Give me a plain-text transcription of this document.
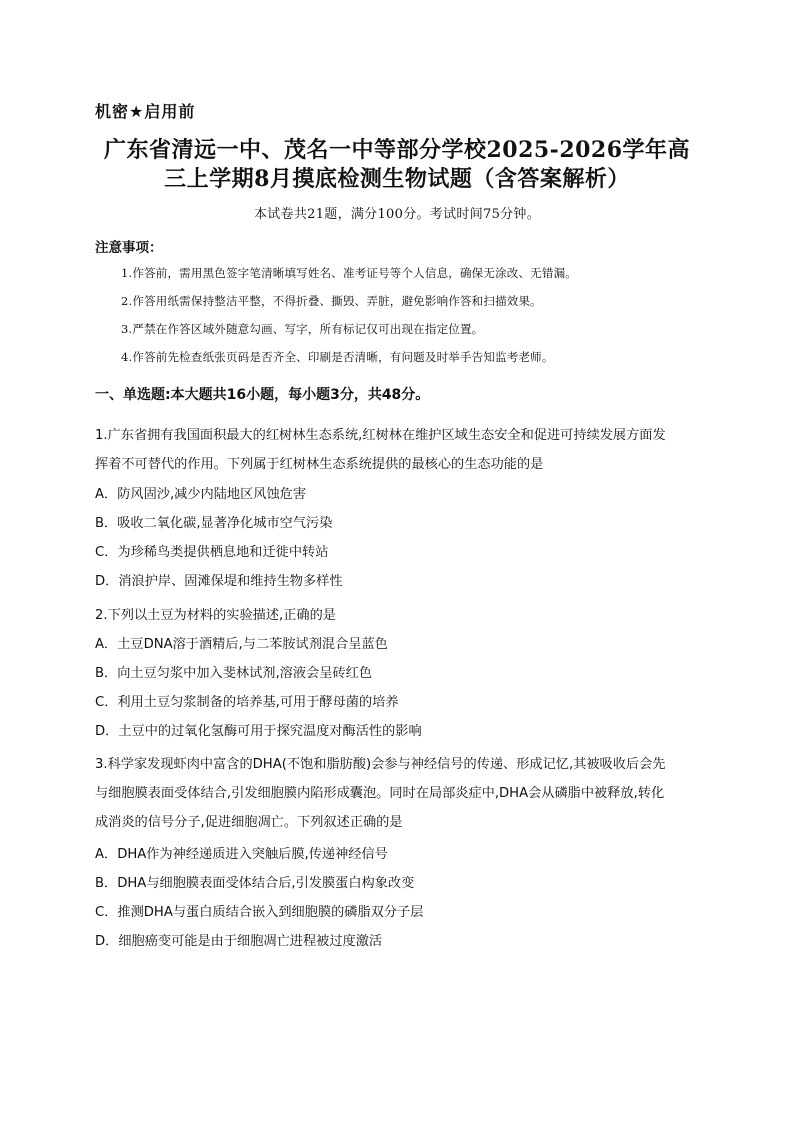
机密★启用前
广东省清远一中、茂名一中等部分学校2025-2026学年高
三上学期8月摸底检测生物试题（含答案解析）
本试卷共21题，满分100分。考试时间75分钟。
注意事项：
1.作答前，需用黑色签字笔清晰填写姓名、准考证号等个人信息，确保无涂改、无错漏。
2.作答用纸需保持整洁平整，不得折叠、撕毁、弄脏，避免影响作答和扫描效果。
3.严禁在作答区域外随意勾画、写字，所有标记仅可出现在指定位置。
4.作答前先检查纸张页码是否齐全、印刷是否清晰，有问题及时举手告知监考老师。
一、单选题:本大题共16小题，每小题3分，共48分。
1.广东省拥有我国面积最大的红树林生态系统,红树林在维护区域生态安全和促进可持续发展方面发
挥着不可替代的作用。下列属于红树林生态系统提供的最核心的生态功能的是
A．防风固沙,减少内陆地区风蚀危害
B．吸收二氧化碳,显著净化城市空气污染
C．为珍稀鸟类提供栖息地和迁徙中转站
D．消浪护岸、固滩保堤和维持生物多样性
2.下列以土豆为材料的实验描述,正确的是
A．土豆DNA溶于酒精后,与二苯胺试剂混合呈蓝色
B．向土豆匀浆中加入斐林试剂,溶液会呈砖红色
C．利用土豆匀浆制备的培养基,可用于酵母菌的培养
D．土豆中的过氧化氢酶可用于探究温度对酶活性的影响
3.科学家发现虾肉中富含的DHA(不饱和脂肪酸)会参与神经信号的传递、形成记忆,其被吸收后会先
与细胞膜表面受体结合,引发细胞膜内陷形成囊泡。同时在局部炎症中,DHA会从磷脂中被释放,转化
成消炎的信号分子,促进细胞凋亡。下列叙述正确的是
A．DHA作为神经递质进入突触后膜,传递神经信号
B．DHA与细胞膜表面受体结合后,引发膜蛋白构象改变
C．推测DHA与蛋白质结合嵌入到细胞膜的磷脂双分子层
D．细胞癌变可能是由于细胞凋亡进程被过度激活
